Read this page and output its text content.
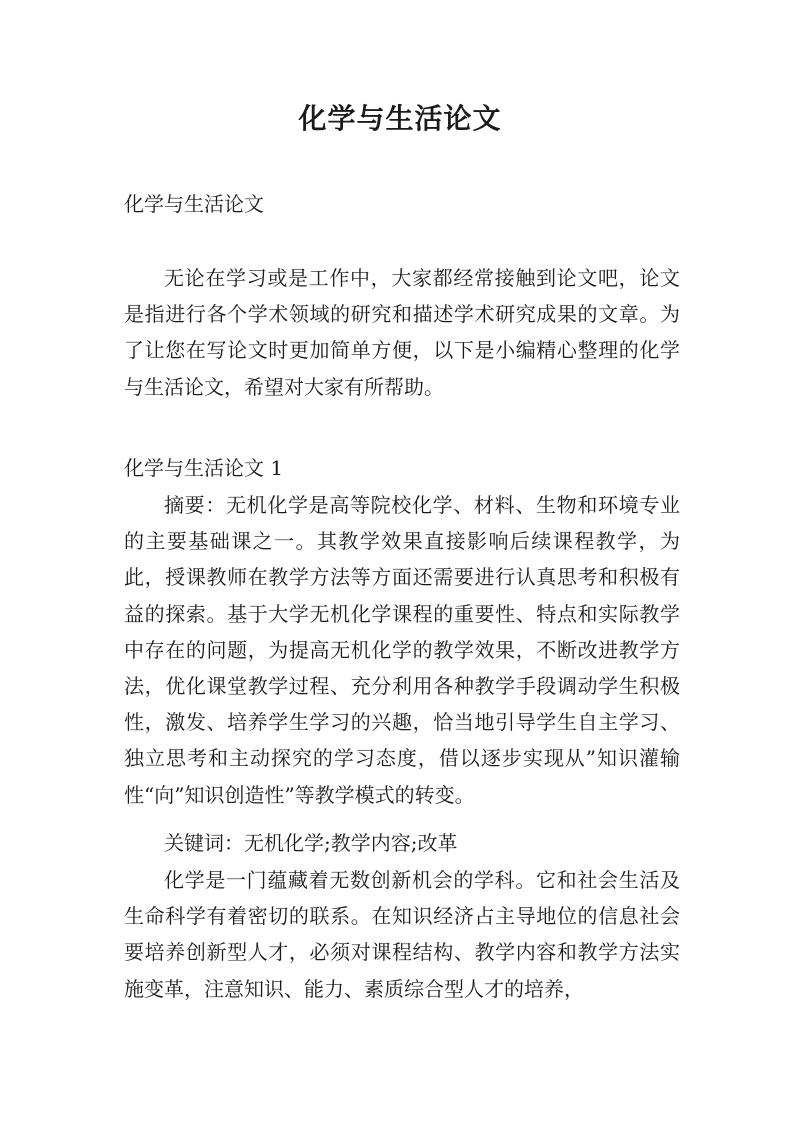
化学与生活论文
化学与生活论文

无论在学习或是工作中，大家都经常接触到论文吧，论文是指进行各个学术领域的研究和描述学术研究成果的文章。为了让您在写论文时更加简单方便，以下是小编精心整理的化学与生活论文，希望对大家有所帮助。

化学与生活论文 1

摘要：无机化学是高等院校化学、材料、生物和环境专业的主要基础课之一。其教学效果直接影响后续课程教学，为此，授课教师在教学方法等方面还需要进行认真思考和积极有益的探索。基于大学无机化学课程的重要性、特点和实际教学中存在的问题，为提高无机化学的教学效果，不断改进教学方法，优化课堂教学过程、充分利用各种教学手段调动学生积极性，激发、培养学生学习的兴趣，恰当地引导学生自主学习、独立思考和主动探究的学习态度，借以逐步实现从”知识灌输性“向”知识创造性”等教学模式的转变。

关键词：无机化学;教学内容;改革

化学是一门蕴藏着无数创新机会的学科。它和社会生活及生命科学有着密切的联系。在知识经济占主导地位的信息社会要培养创新型人才，必须对课程结构、教学内容和教学方法实施变革，注意知识、能力、素质综合型人才的培养，
